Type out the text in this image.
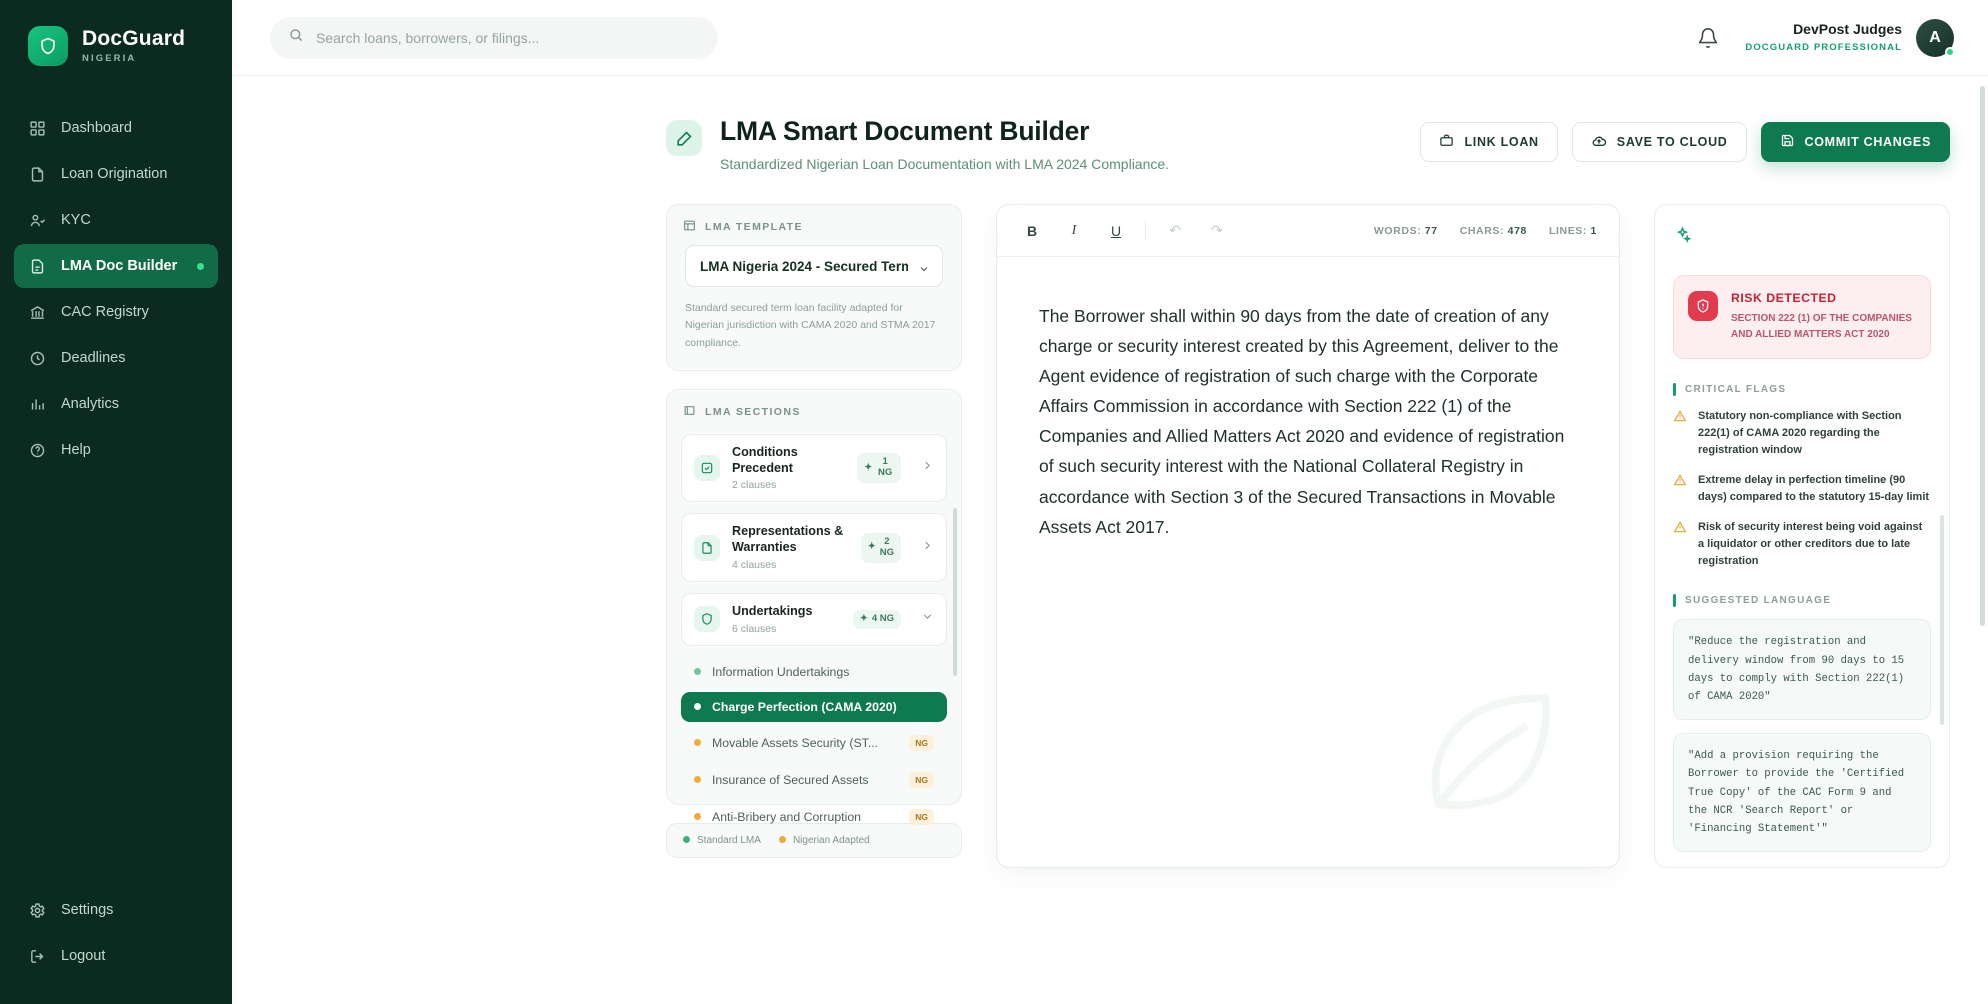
DocGuard
NIGERIA
Dashboard
Loan Origination
KYC
LMA Doc Builder
CAC Registry
Deadlines
Analytics
Help
Settings
Logout
Search loans, borrowers, or filings...
DevPost Judges
DOCGUARD PROFESSIONAL
A
LMA Smart Document Builder
Standardized Nigerian Loan Documentation with LMA 2024 Compliance.
LINK LOAN	SAVE TO CLOUD	COMMIT CHANGES
LMA TEMPLATE
LMA Nigeria 2024 - Secured Term Facility
Standard secured term loan facility adapted for Nigerian jurisdiction with CAMA 2020 and STMA 2017 compliance.
LMA SECTIONS
Conditions Precedent
2 clauses
✦	1 NG
Representations & Warranties
4 clauses
✦ 2 NG
Undertakings
6 clauses
✦ 4 NG
Information Undertakings
Charge Perfection (CAMA 2020)
Movable Assets Security (ST...	NG
Insurance of Secured Assets	NG
Anti-Bribery and Corruption	NG
Standard LMA	Nigerian Adapted
B	I	U	↶	↷	WORDS: 77 CHARS: 478 LINES: 1
The Borrower shall within 90 days from the date of creation of any charge or security interest created by this Agreement, deliver to the Agent evidence of registration of such charge with the Corporate Affairs Commission in accordance with Section 222 (1) of the Companies and Allied Matters Act 2020 and evidence of registration of such security interest with the National Collateral Registry in accordance with Section 3 of the Secured Transactions in Movable Assets Act 2017.
RISK DETECTED
SECTION 222 (1) OF THE COMPANIES AND ALLIED MATTERS ACT 2020
CRITICAL FLAGS
Statutory non-compliance with Section 222(1) of CAMA 2020 regarding the registration window
Extreme delay in perfection timeline (90 days) compared to the statutory 15-day limit
Risk of security interest being void against a liquidator or other creditors due to late registration
SUGGESTED LANGUAGE
"Reduce the registration and delivery window from 90 days to 15 days to comply with Section 222(1) of CAMA 2020"
"Add a provision requiring the Borrower to provide the 'Certified True Copy' of the CAC Form 9 and the NCR 'Search Report' or 'Financing Statement'"
